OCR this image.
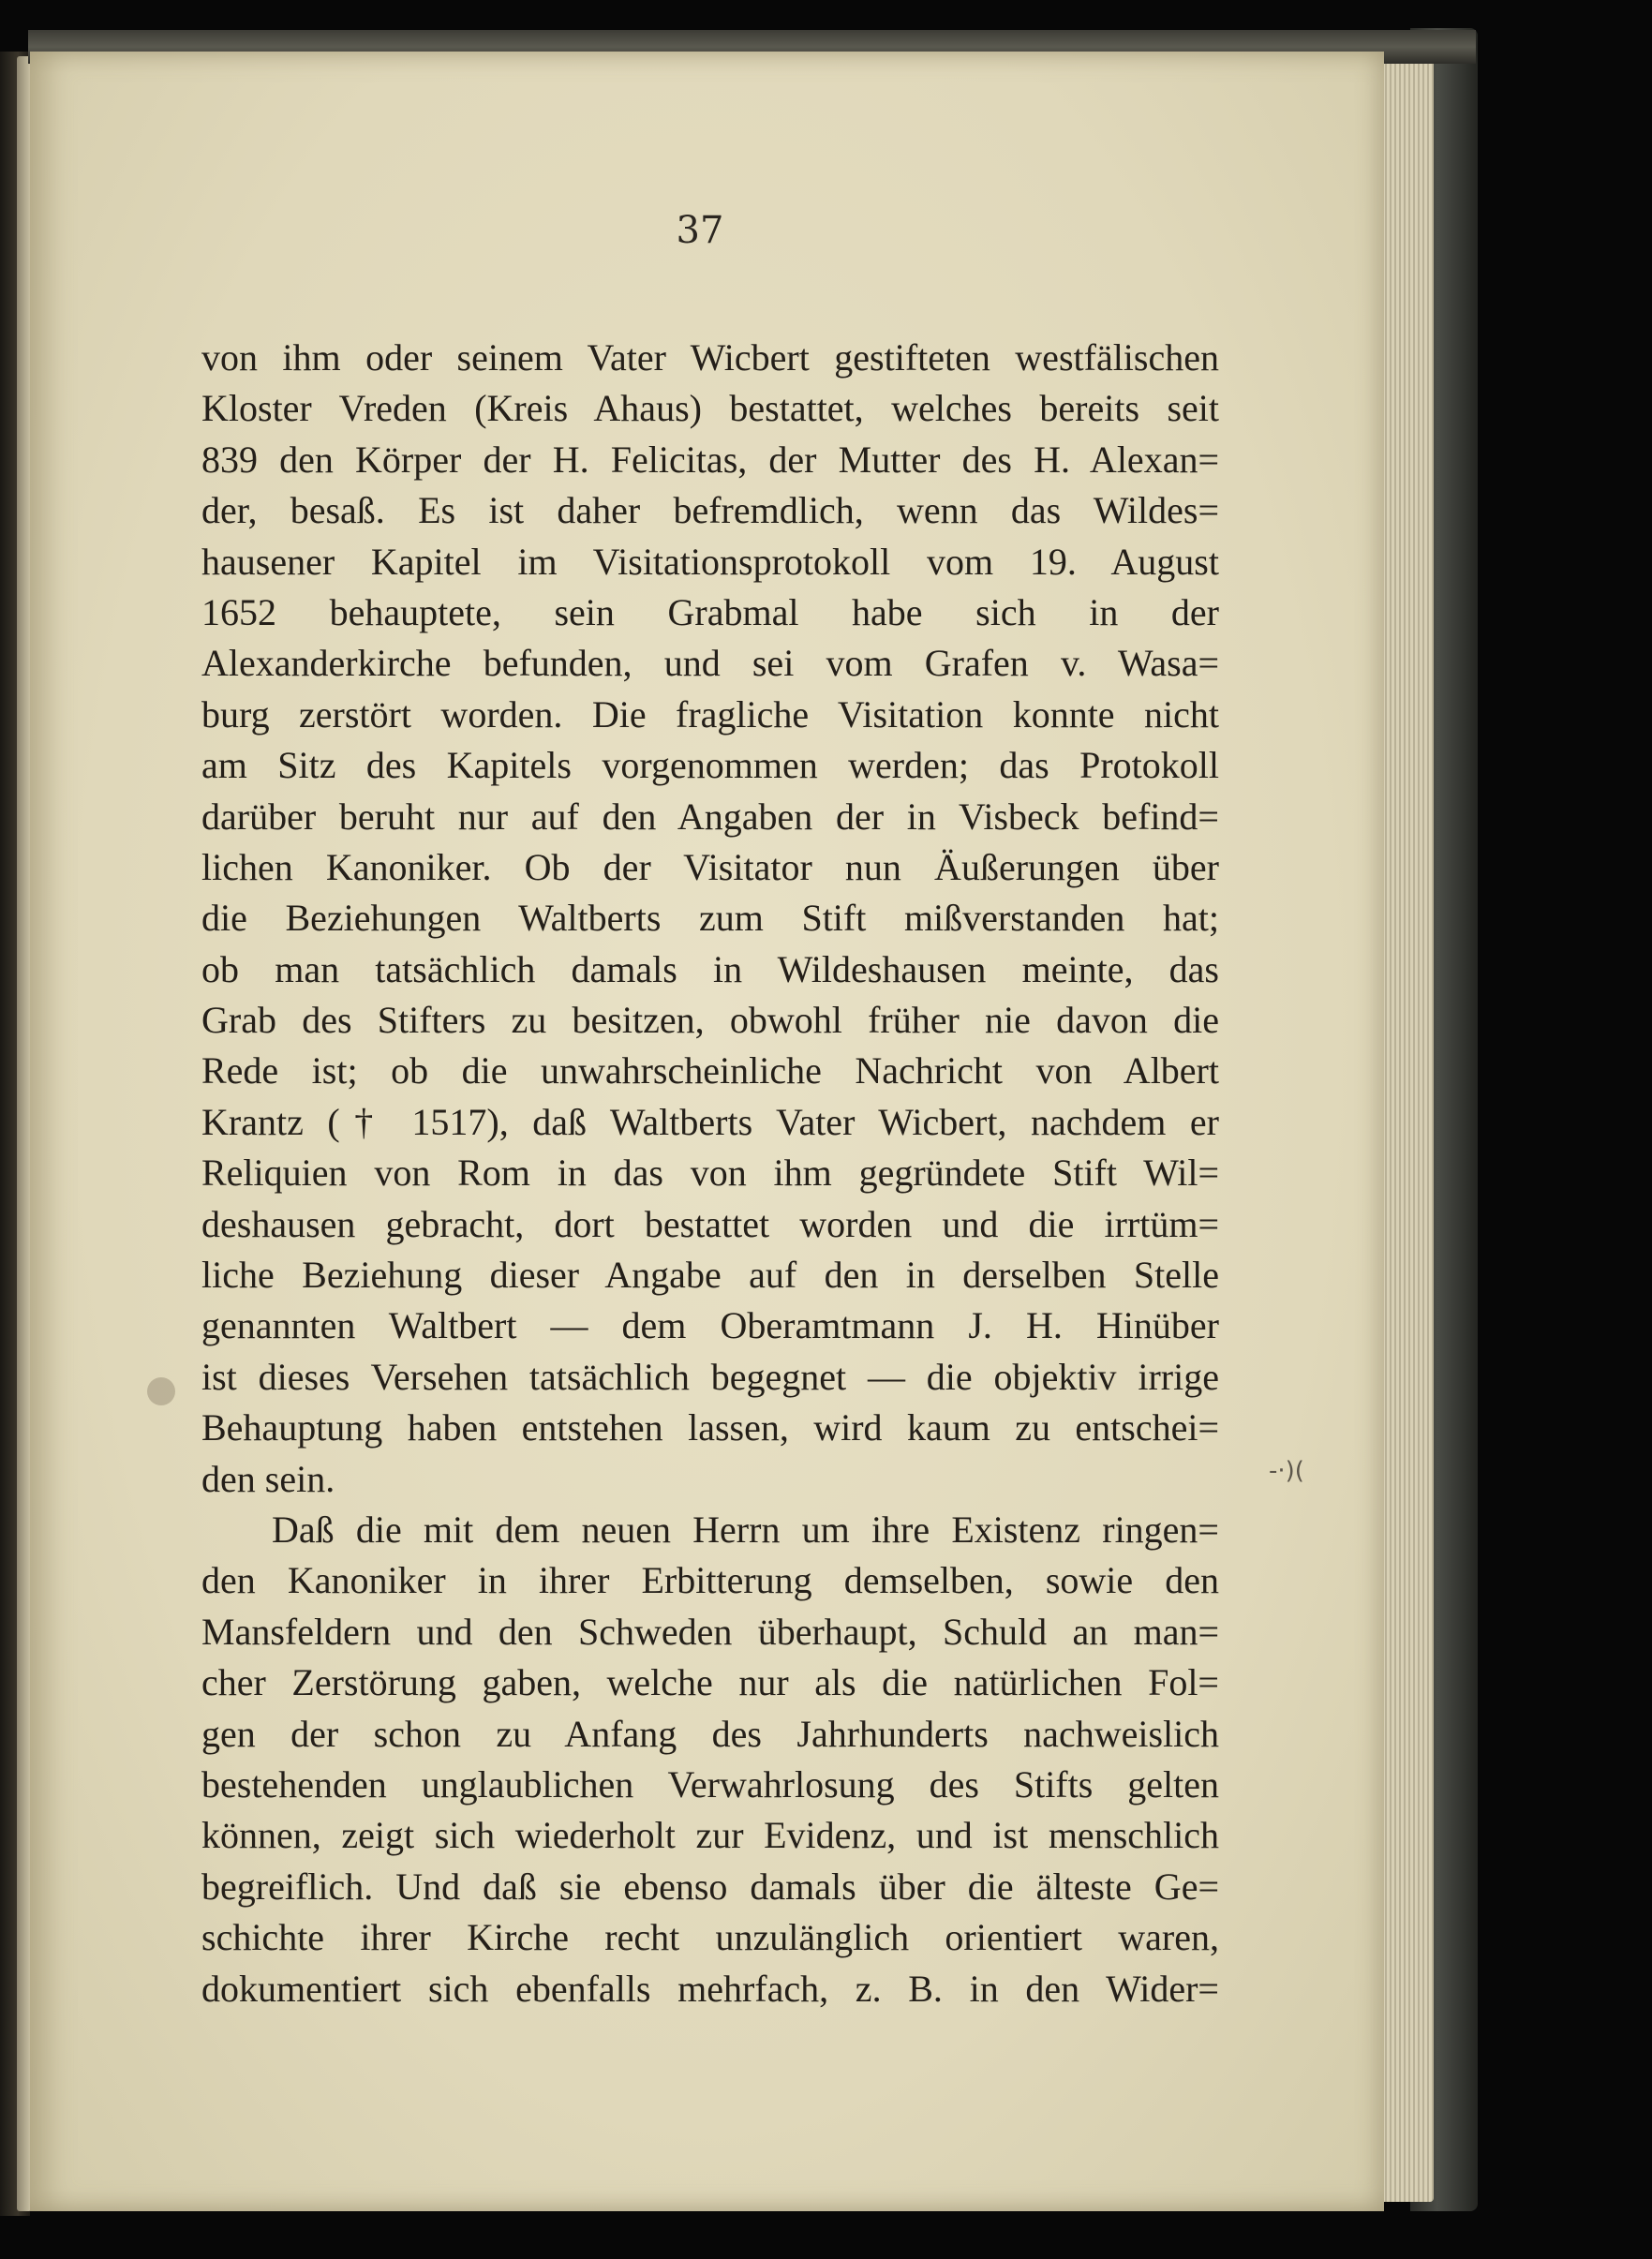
37
von ihm oder seinem Vater Wicbert gestifteten westfälischen
Kloster Vreden (Kreis Ahaus) bestattet, welches bereits seit
839 den Körper der H. Felicitas, der Mutter des H. Alexan=
der, besaß. Es ist daher befremdlich, wenn das Wildes=
hausener Kapitel im Visitationsprotokoll vom 19. August
1652 behauptete, sein Grabmal habe sich in der
Alexanderkirche befunden, und sei vom Grafen v. Wasa=
burg zerstört worden. Die fragliche Visitation konnte nicht
am Sitz des Kapitels vorgenommen werden; das Protokoll
darüber beruht nur auf den Angaben der in Visbeck befind=
lichen Kanoniker. Ob der Visitator nun Äußerungen über
die Beziehungen Waltberts zum Stift mißverstanden hat;
ob man tatsächlich damals in Wildeshausen meinte, das
Grab des Stifters zu besitzen, obwohl früher nie davon die
Rede ist; ob die unwahrscheinliche Nachricht von Albert
Krantz († 1517), daß Waltberts Vater Wicbert, nachdem er
Reliquien von Rom in das von ihm gegründete Stift Wil=
deshausen gebracht, dort bestattet worden und die irrtüm=
liche Beziehung dieser Angabe auf den in derselben Stelle
genannten Waltbert — dem Oberamtmann J. H. Hinüber
ist dieses Versehen tatsächlich begegnet — die objektiv irrige
Behauptung haben entstehen lassen, wird kaum zu entschei=
den sein.
Daß die mit dem neuen Herrn um ihre Existenz ringen=
den Kanoniker in ihrer Erbitterung demselben, sowie den
Mansfeldern und den Schweden überhaupt, Schuld an man=
cher Zerstörung gaben, welche nur als die natürlichen Fol=
gen der schon zu Anfang des Jahrhunderts nachweislich
bestehenden unglaublichen Verwahrlosung des Stifts gelten
können, zeigt sich wiederholt zur Evidenz, und ist menschlich
begreiflich. Und daß sie ebenso damals über die älteste Ge=
schichte ihrer Kirche recht unzulänglich orientiert waren,
dokumentiert sich ebenfalls mehrfach, z. B. in den Wider=
-·)(
